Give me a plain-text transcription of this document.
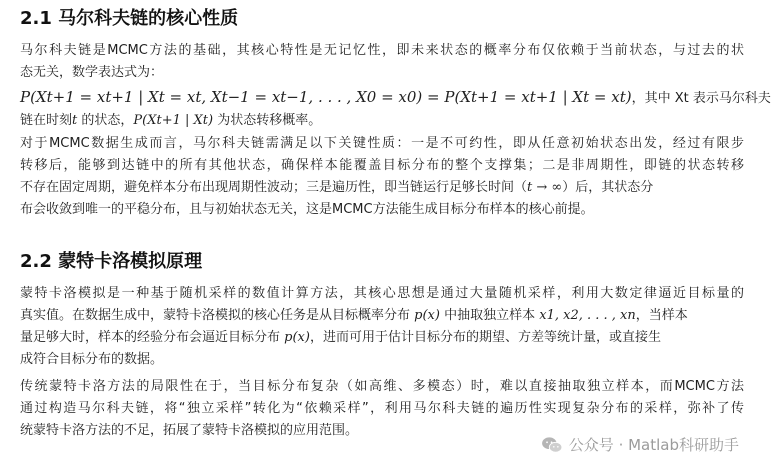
2.1 马尔科夫链的核心性质
马尔科夫链是MCMC方法的基础，其核心特性是无记忆性，即未来状态的概率分布仅依赖于当前状态，与过去的状
态无关，数学表达式为：
P(Xt+1 = xt+1 | Xt = xt, Xt−1 = xt−1, . . . , X0 = x0) = P(Xt+1 = xt+1 | Xt = xt)，其中 Xt 表示马尔科夫
链在时刻t 的状态，P(Xt+1 | Xt) 为状态转移概率。
对于MCMC数据生成而言，马尔科夫链需满足以下关键性质：一是不可约性，即从任意初始状态出发，经过有限步
转移后，能够到达链中的所有其他状态，确保样本能覆盖目标分布的整个支撑集；二是非周期性，即链的状态转移
不存在固定周期，避免样本分布出现周期性波动；三是遍历性，即当链运行足够长时间（t → ∞）后，其状态分
布会收敛到唯一的平稳分布，且与初始状态无关，这是MCMC方法能生成目标分布样本的核心前提。
2.2 蒙特卡洛模拟原理
蒙特卡洛模拟是一种基于随机采样的数值计算方法，其核心思想是通过大量随机采样，利用大数定律逼近目标量的
真实值。在数据生成中，蒙特卡洛模拟的核心任务是从目标概率分布 p(x) 中抽取独立样本 x1, x2, . . . , xn，当样本
量足够大时，样本的经验分布会逼近目标分布 p(x)，进而可用于估计目标分布的期望、方差等统计量，或直接生
成符合目标分布的数据。
传统蒙特卡洛方法的局限性在于，当目标分布复杂（如高维、多模态）时，难以直接抽取独立样本，而MCMC方法
通过构造马尔科夫链，将“独立采样”转化为“依赖采样”，利用马尔科夫链的遍历性实现复杂分布的采样，弥补了传
统蒙特卡洛方法的不足，拓展了蒙特卡洛模拟的应用范围。
公众号 · Matlab科研助手
